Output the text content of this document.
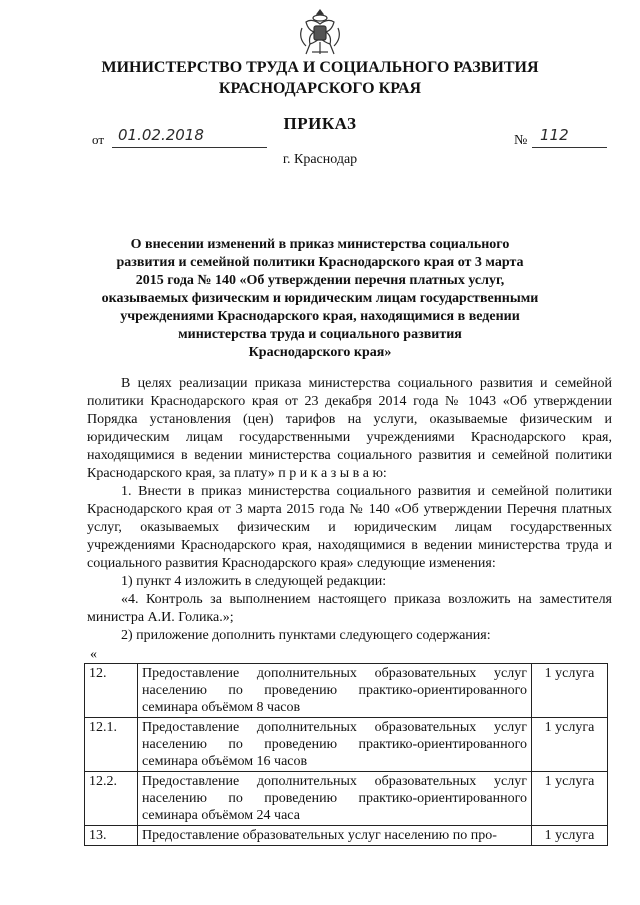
МИНИСТЕРСТВО ТРУДА И СОЦИАЛЬНОГО РАЗВИТИЯ
КРАСНОДАРСКОГО КРАЯ
ПРИКАЗ
от 01.02.2018	№ 112
г. Краснодар
О внесении изменений в приказ министерства социального
развития и семейной политики Краснодарского края от 3 марта
2015 года № 140 «Об утверждении перечня платных услуг,
оказываемых физическим и юридическим лицам государственными
учреждениями Краснодарского края, находящимися в ведении
министерства труда и социального развития
Краснодарского края»

В целях реализации приказа министерства социального развития и семейной политики Краснодарского края от 23 декабря 2014 года № 1043 «Об утверждении Порядка установления (цен) тарифов на услуги, оказываемые физическим и юридическим лицам государственными учреждениями Краснодарского края, находящимися в ведении министерства социального развития и семейной политики Краснодарского края, за плату» п р и к а з ы в а ю:

1. Внести в приказ министерства социального развития и семейной политики Краснодарского края от 3 марта 2015 года № 140 «Об утверждении Перечня платных услуг, оказываемых физическим и юридическим лицам государственных учреждениями Краснодарского края, находящимися в ведении министерства труда и социального развития Краснодарского края» следующие изменения:

1) пункт 4 изложить в следующей редакции:

«4. Контроль за выполнением настоящего приказа возложить на заместителя министра А.И. Голика.»;

2) приложение дополнить пунктами следующего содержания:

«
12.	Предоставление дополнительных образовательных услуг населению по проведению практико-ориентированного семинара объёмом 8 часов	1 услуга
12.1.	Предоставление дополнительных образовательных услуг населению по проведению практико-ориентированного семинара объёмом 16 часов	1 услуга
12.2.	Предоставление дополнительных образовательных услуг населению по проведению практико-ориентированного семинара объёмом 24 часа	1 услуга
13.	Предоставление образовательных услуг населению по про-	1 услуга
